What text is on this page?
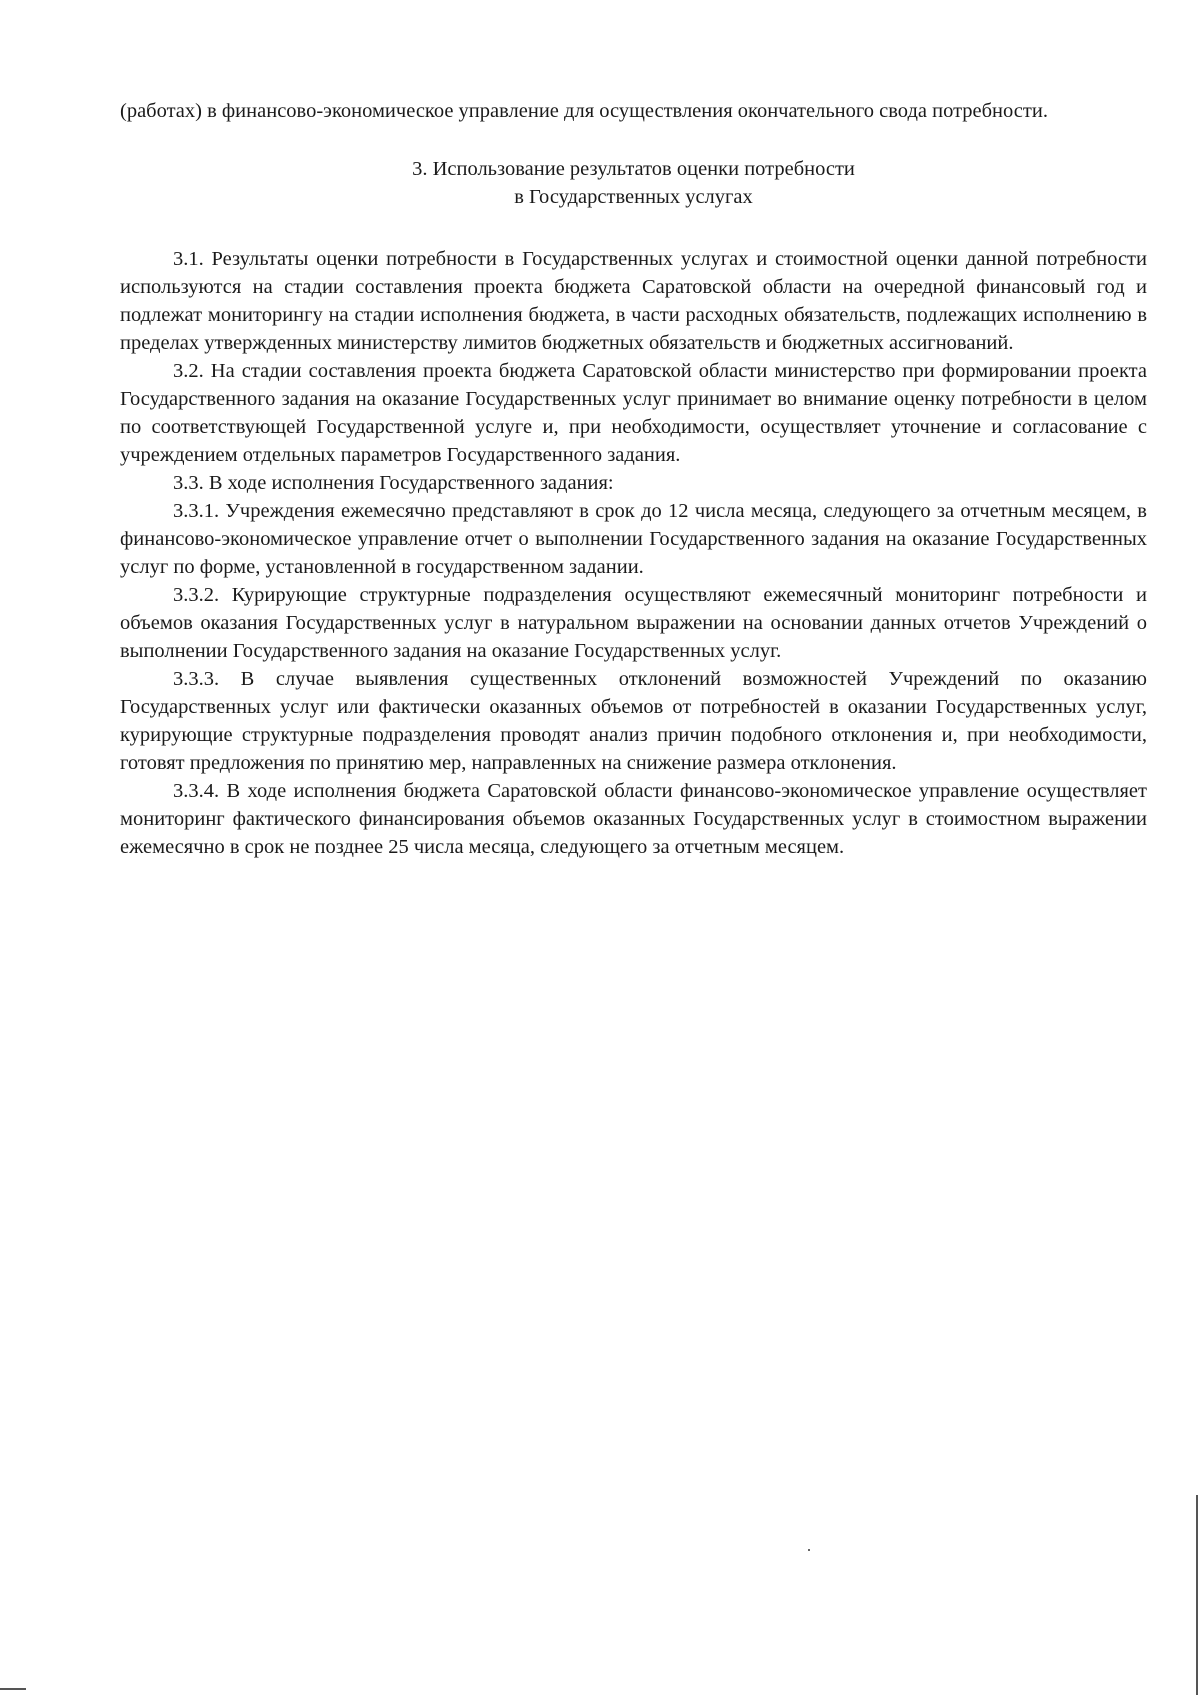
(работах) в финансово-экономическое управление для осуществления окончательного свода потребности.

3. Использование результатов оценки потребности
в Государственных услугах

3.1. Результаты оценки потребности в Государственных услугах и стоимостной оценки данной потребности используются на стадии составления проекта бюджета Саратовской области на очередной финансовый год и подлежат мониторингу на стадии исполнения бюджета, в части расходных обязательств, подлежащих исполнению в пределах утвержденных министерству лимитов бюджетных обязательств и бюджетных ассигнований.

3.2. На стадии составления проекта бюджета Саратовской области министерство при формировании проекта Государственного задания на оказание Государственных услуг принимает во внимание оценку потребности в целом по соответствующей Государственной услуге и, при необходимости, осуществляет уточнение и согласование с учреждением отдельных параметров Государственного задания.

3.3. В ходе исполнения Государственного задания:

3.3.1. Учреждения ежемесячно представляют в срок до 12 числа месяца, следующего за отчетным месяцем, в финансово-экономическое управление отчет о выполнении Государственного задания на оказание Государственных услуг по форме, установленной в государственном задании.

3.3.2. Курирующие структурные подразделения осуществляют ежемесячный мониторинг потребности и объемов оказания Государственных услуг в натуральном выражении на основании данных отчетов Учреждений о выполнении Государственного задания на оказание Государственных услуг.

3.3.3. В случае выявления существенных отклонений возможностей Учреждений по оказанию Государственных услуг или фактически оказанных объемов от потребностей в оказании Государственных услуг, курирующие структурные подразделения проводят анализ причин подобного отклонения и, при необходимости, готовят предложения по принятию мер, направленных на снижение размера отклонения.

3.3.4. В ходе исполнения бюджета Саратовской области финансово-экономическое управление осуществляет мониторинг фактического финансирования объемов оказанных Государственных услуг в стоимостном выражении ежемесячно в срок не позднее 25 числа месяца, следующего за отчетным месяцем.
